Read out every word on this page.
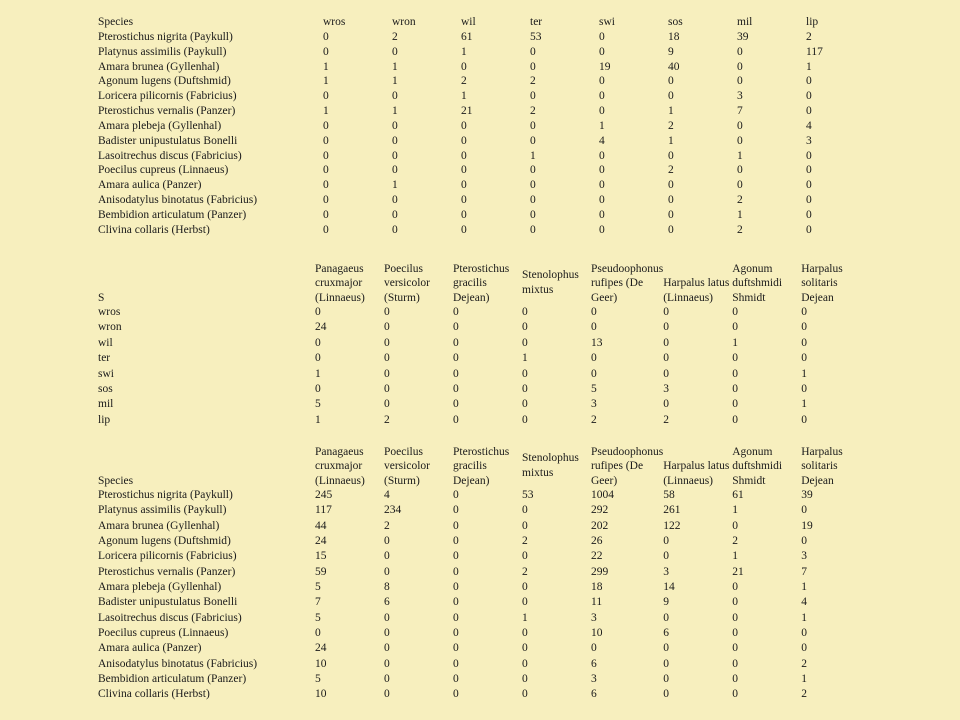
Species	wros	wron	wil	ter	swi	sos	mil	lip
Pterostichus nigrita (Paykull)	0	2	61	53	0	18	39	2
Platynus assimilis (Paykull)	0	0	1	0	0	9	0	117
Amara brunea (Gyllenhal)	1	1	0	0	19	40	0	1
Agonum lugens (Duftshmid)	1	1	2	2	0	0	0	0
Loricera pilicornis (Fabricius)	0	0	1	0	0	0	3	0
Pterostichus vernalis (Panzer)	1	1	21	2	0	1	7	0
Amara plebeja (Gyllenhal)	0	0	0	0	1	2	0	4
Badister unipustulatus Bonelli	0	0	0	0	4	1	0	3
Lasoitrechus discus (Fabricius)	0	0	0	1	0	0	1	0
Poecilus cupreus (Linnaeus)	0	0	0	0	0	2	0	0
Amara aulica (Panzer)	0	1	0	0	0	0	0	0
Anisodatylus binotatus (Fabricius)	0	0	0	0	0	0	2	0
Bembidion articulatum (Panzer)	0	0	0	0	0	0	1	0
Clivina collaris (Herbst)	0	0	0	0	0	0	2	0
S	Panagaeus cruxmajor (Linnaeus)	Poecilus versicolor (Sturm)	Pterostichus gracilis Dejean)	Stenolophus mixtus	Pseudoophonus rufipes (De Geer)	Harpalus latus (Linnaeus)	Agonum duftshmidi Shmidt	Harpalus solitaris Dejean
wros	0	0	0	0	0	0	0	0
wron	24	0	0	0	0	0	0	0
wil	0	0	0	0	13	0	1	0
ter	0	0	0	1	0	0	0	0
swi	1	0	0	0	0	0	0	1
sos	0	0	0	0	5	3	0	0
mil	5	0	0	0	3	0	0	1
lip	1	2	0	0	2	2	0	0
Species	Panagaeus cruxmajor (Linnaeus)	Poecilus versicolor (Sturm)	Pterostichus gracilis Dejean)	Stenolophus mixtus	Pseudoophonus rufipes (De Geer)	Harpalus latus (Linnaeus)	Agonum duftshmidi Shmidt	Harpalus solitaris Dejean
Pterostichus nigrita (Paykull)	245	4	0	53	1004	58	61	39
Platynus assimilis (Paykull)	117	234	0	0	292	261	1	0
Amara brunea (Gyllenhal)	44	2	0	0	202	122	0	19
Agonum lugens (Duftshmid)	24	0	0	2	26	0	2	0
Loricera pilicornis (Fabricius)	15	0	0	0	22	0	1	3
Pterostichus vernalis (Panzer)	59	0	0	2	299	3	21	7
Amara plebeja (Gyllenhal)	5	8	0	0	18	14	0	1
Badister unipustulatus Bonelli	7	6	0	0	11	9	0	4
Lasoitrechus discus (Fabricius)	5	0	0	1	3	0	0	1
Poecilus cupreus (Linnaeus)	0	0	0	0	10	6	0	0
Amara aulica (Panzer)	24	0	0	0	0	0	0	0
Anisodatylus binotatus (Fabricius)	10	0	0	0	6	0	0	2
Bembidion articulatum (Panzer)	5	0	0	0	3	0	0	1
Clivina collaris (Herbst)	10	0	0	0	6	0	0	2
